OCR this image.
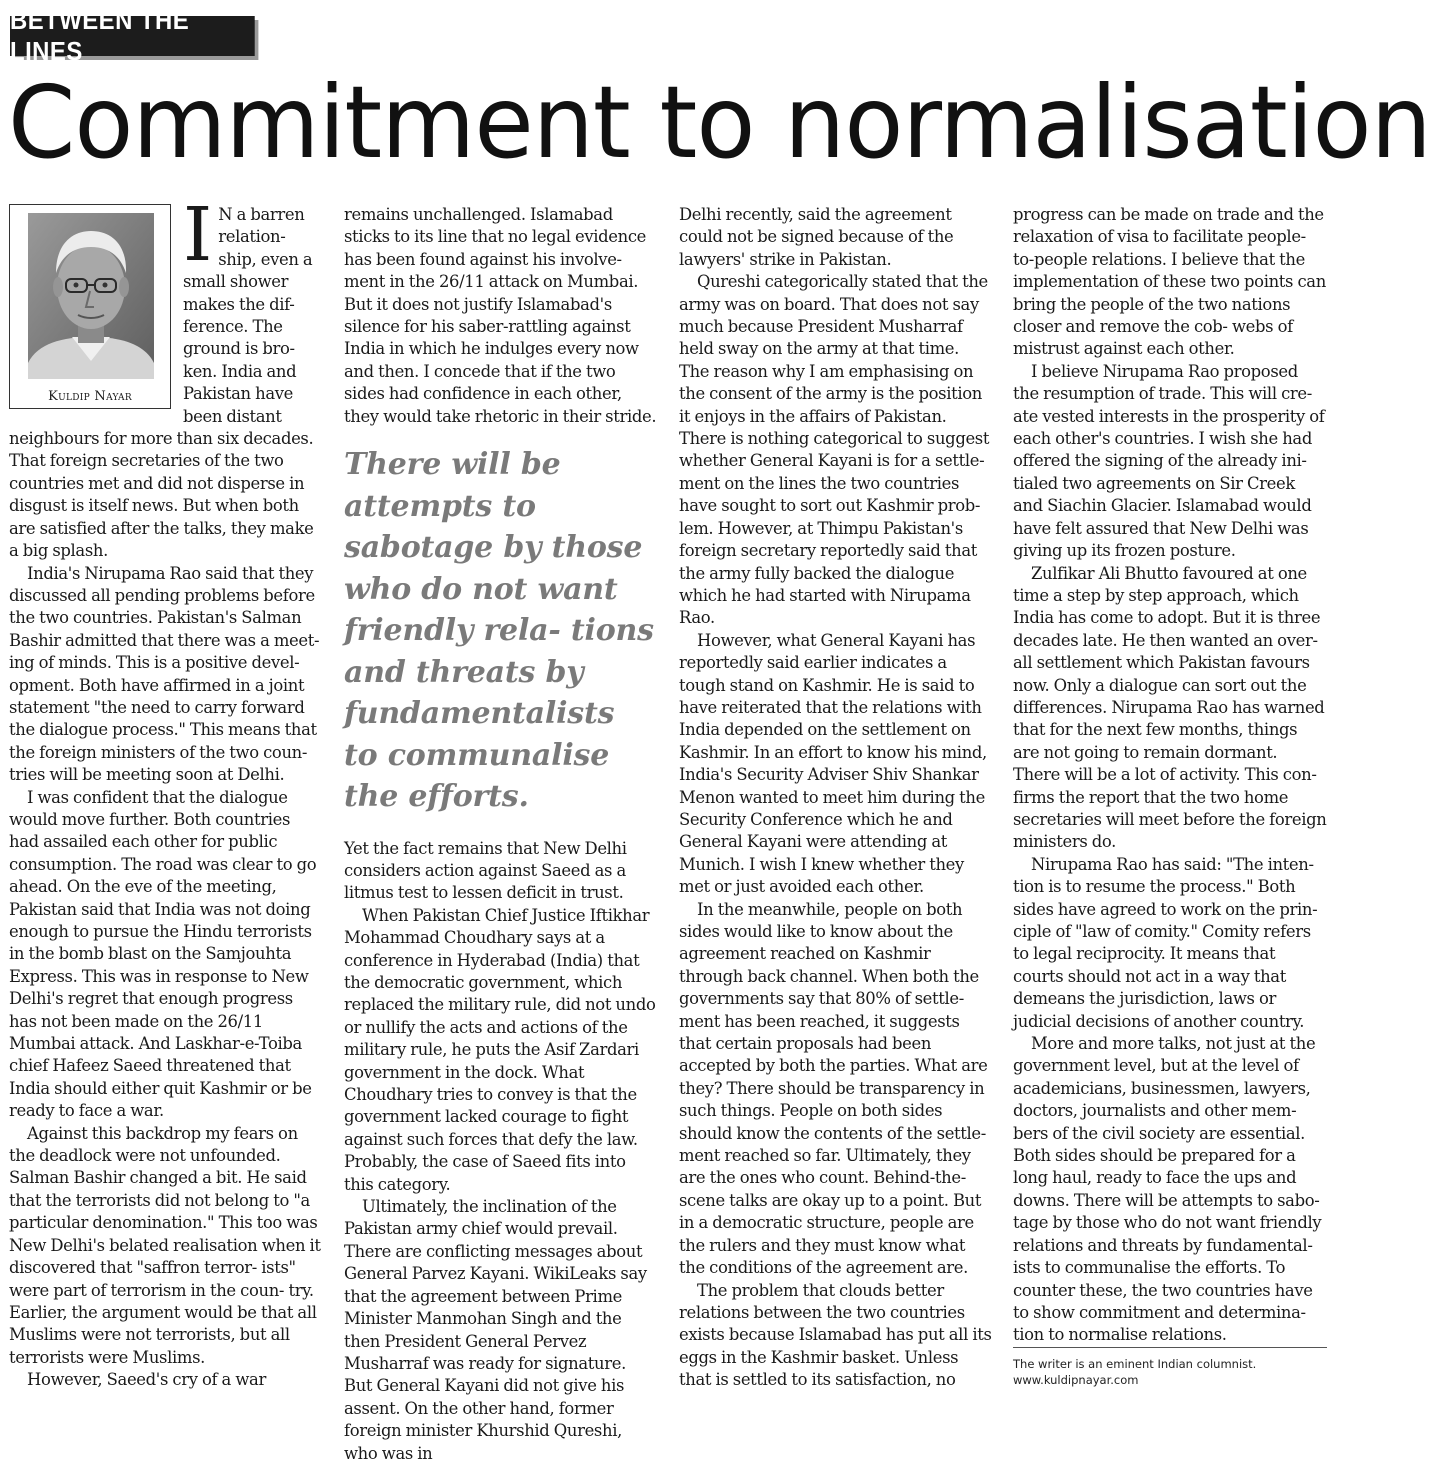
BETWEEN THE LINES
Commitment to normalisation
Kuldip Nayar
I N a barren relation- ship, even a small shower makes the dif- ference. The ground is bro- ken. India and Pakistan have been distant neighbours for more than six decades. That foreign secretaries of the two countries met and did not disperse in disgust is itself news. But when both are satisfied after the talks, they make a big splash.

India's Nirupama Rao said that they discussed all pending problems before the two countries. Pakistan's Salman Bashir admitted that there was a meet- ing of minds. This is a positive devel- opment. Both have affirmed in a joint statement "the need to carry forward the dialogue process." This means that the foreign ministers of the two coun- tries will be meeting soon at Delhi.

I was confident that the dialogue would move further. Both countries had assailed each other for public consumption. The road was clear to go ahead. On the eve of the meeting, Pakistan said that India was not doing enough to pursue the Hindu terrorists in the bomb blast on the Samjouhta Express. This was in response to New Delhi's regret that enough progress has not been made on the 26/11 Mumbai attack. And Laskhar-e-Toiba chief Hafeez Saeed threatened that India should either quit Kashmir or be ready to face a war.

Against this backdrop my fears on the deadlock were not unfounded. Salman Bashir changed a bit. He said that the terrorists did not belong to "a particular denomination." This too was New Delhi's belated realisation when it discovered that "saffron terror- ists" were part of terrorism in the coun- try. Earlier, the argument would be that all Muslims were not terrorists, but all terrorists were Muslims.

However, Saeed's cry of a war

remains unchallenged. Islamabad sticks to its line that no legal evidence has been found against his involve- ment in the 26/11 attack on Mumbai. But it does not justify Islamabad's silence for his saber-rattling against India in which he indulges every now and then. I concede that if the two sides had confidence in each other, they would take rhetoric in their stride.

There will be attempts to sabotage by those who do not want friendly rela- tions and threats by fundamentalists to communalise the efforts.

Yet the fact remains that New Delhi considers action against Saeed as a litmus test to lessen deficit in trust.

When Pakistan Chief Justice Iftikhar Mohammad Choudhary says at a conference in Hyderabad (India) that the democratic government, which replaced the military rule, did not undo or nullify the acts and actions of the military rule, he puts the Asif Zardari government in the dock. What Choudhary tries to convey is that the government lacked courage to fight against such forces that defy the law. Probably, the case of Saeed fits into this category.

Ultimately, the inclination of the Pakistan army chief would prevail. There are conflicting messages about General Parvez Kayani. WikiLeaks say that the agreement between Prime Minister Manmohan Singh and the then President General Pervez Musharraf was ready for signature. But General Kayani did not give his assent. On the other hand, former foreign minister Khurshid Qureshi, who was in

Delhi recently, said the agreement could not be signed because of the lawyers' strike in Pakistan.

Qureshi categorically stated that the army was on board. That does not say much because President Musharraf held sway on the army at that time. The reason why I am emphasising on the consent of the army is the position it enjoys in the affairs of Pakistan. There is nothing categorical to suggest whether General Kayani is for a settle- ment on the lines the two countries have sought to sort out Kashmir prob- lem. However, at Thimpu Pakistan's foreign secretary reportedly said that the army fully backed the dialogue which he had started with Nirupama Rao.

However, what General Kayani has reportedly said earlier indicates a tough stand on Kashmir. He is said to have reiterated that the relations with India depended on the settlement on Kashmir. In an effort to know his mind, India's Security Adviser Shiv Shankar Menon wanted to meet him during the Security Conference which he and General Kayani were attending at Munich. I wish I knew whether they met or just avoided each other.

In the meanwhile, people on both sides would like to know about the agreement reached on Kashmir through back channel. When both the governments say that 80% of settle- ment has been reached, it suggests that certain proposals had been accepted by both the parties. What are they? There should be transparency in such things. People on both sides should know the contents of the settle- ment reached so far. Ultimately, they are the ones who count. Behind-the- scene talks are okay up to a point. But in a democratic structure, people are the rulers and they must know what the conditions of the agreement are.

The problem that clouds better relations between the two countries exists because Islamabad has put all its eggs in the Kashmir basket. Unless that is settled to its satisfaction, no

progress can be made on trade and the relaxation of visa to facilitate people- to-people relations. I believe that the implementation of these two points can bring the people of the two nations closer and remove the cob- webs of mistrust against each other.

I believe Nirupama Rao proposed the resumption of trade. This will cre- ate vested interests in the prosperity of each other's countries. I wish she had offered the signing of the already ini- tialed two agreements on Sir Creek and Siachin Glacier. Islamabad would have felt assured that New Delhi was giving up its frozen posture.

Zulfikar Ali Bhutto favoured at one time a step by step approach, which India has come to adopt. But it is three decades late. He then wanted an over- all settlement which Pakistan favours now. Only a dialogue can sort out the differences. Nirupama Rao has warned that for the next few months, things are not going to remain dormant. There will be a lot of activity. This con- firms the report that the two home secretaries will meet before the foreign ministers do.

Nirupama Rao has said: "The inten- tion is to resume the process." Both sides have agreed to work on the prin- ciple of "law of comity." Comity refers to legal reciprocity. It means that courts should not act in a way that demeans the jurisdiction, laws or judicial decisions of another country.

More and more talks, not just at the government level, but at the level of academicians, businessmen, lawyers, doctors, journalists and other mem- bers of the civil society are essential. Both sides should be prepared for a long haul, ready to face the ups and downs. There will be attempts to sabo- tage by those who do not want friendly relations and threats by fundamental- ists to communalise the efforts. To counter these, the two countries have to show commitment and determina- tion to normalise relations.

The writer is an eminent Indian columnist.
www.kuldipnayar.com
